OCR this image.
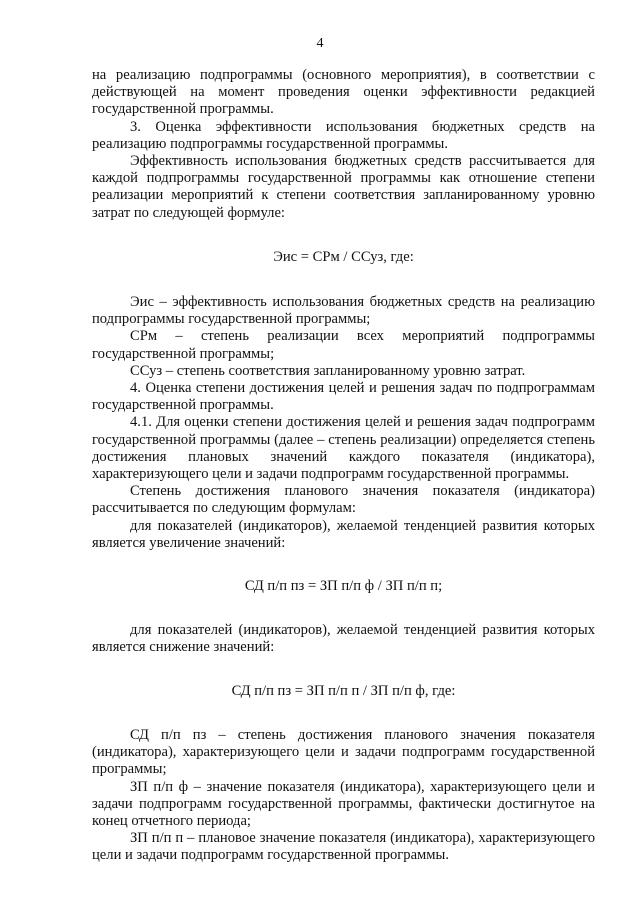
4

на реализацию подпрограммы (основного мероприятия), в соответствии с действующей на момент проведения оценки эффективности редакцией государственной программы.

3. Оценка эффективности использования бюджетных средств на реализацию подпрограммы государственной программы.

Эффективность использования бюджетных средств рассчитывается для каждой подпрограммы государственной программы как отношение степени реализации мероприятий к степени соответствия запланированному уровню затрат по следующей формуле:

Эис = СРм / ССуз, где:

Эис – эффективность использования бюджетных средств на реализацию подпрограммы государственной программы;

СРм – степень реализации всех мероприятий подпрограммы государственной программы;

ССуз – степень соответствия запланированному уровню затрат.

4. Оценка степени достижения целей и решения задач по подпрограммам государственной программы.

4.1. Для оценки степени достижения целей и решения задач подпрограмм государственной программы (далее – степень реализации) определяется степень достижения плановых значений каждого показателя (индикатора), характеризующего цели и задачи подпрограмм государственной программы.

Степень достижения планового значения показателя (индикатора) рассчитывается по следующим формулам:

для показателей (индикаторов), желаемой тенденцией развития которых является увеличение значений:

СД п/п пз = ЗП п/п ф / ЗП п/п п;

для показателей (индикаторов), желаемой тенденцией развития которых является снижение значений:

СД п/п пз = ЗП п/п п / ЗП п/п ф, где:

СД п/п пз – степень достижения планового значения показателя (индикатора), характеризующего цели и задачи подпрограмм государственной программы;

ЗП п/п ф – значение показателя (индикатора), характеризующего цели и задачи подпрограмм государственной программы, фактически достигнутое на конец отчетного периода;

ЗП п/п п – плановое значение показателя (индикатора), характеризующего цели и задачи подпрограмм государственной программы.
